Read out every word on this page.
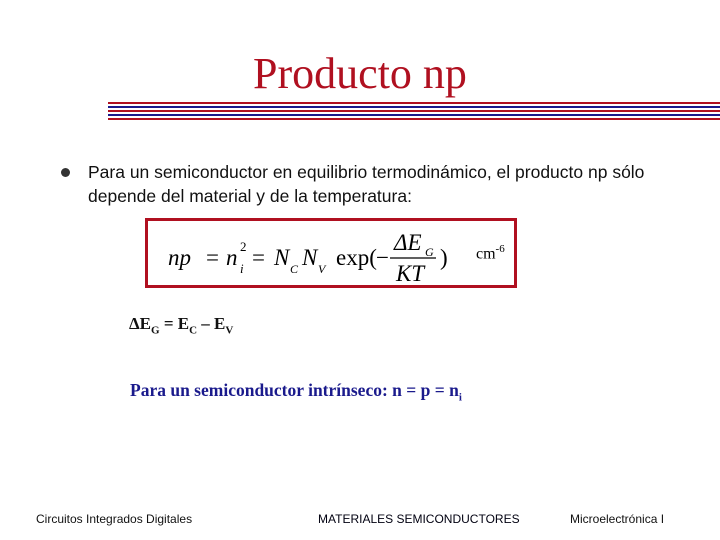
Producto np
Para un semiconductor en equilibrio termodinámico, el producto np sólo depende del material y de la temperatura:
np = n i
2 = N C N V exp( −
ΔE G
KT
) $cm^{-6}$
$\Delta E_G = E_C - E_V$
Para un semiconductor intrínseco: $n = p = n_i$
Circuitos Integrados Digitales	MATERIALES SEMICONDUCTORES	Microelectrónica I
